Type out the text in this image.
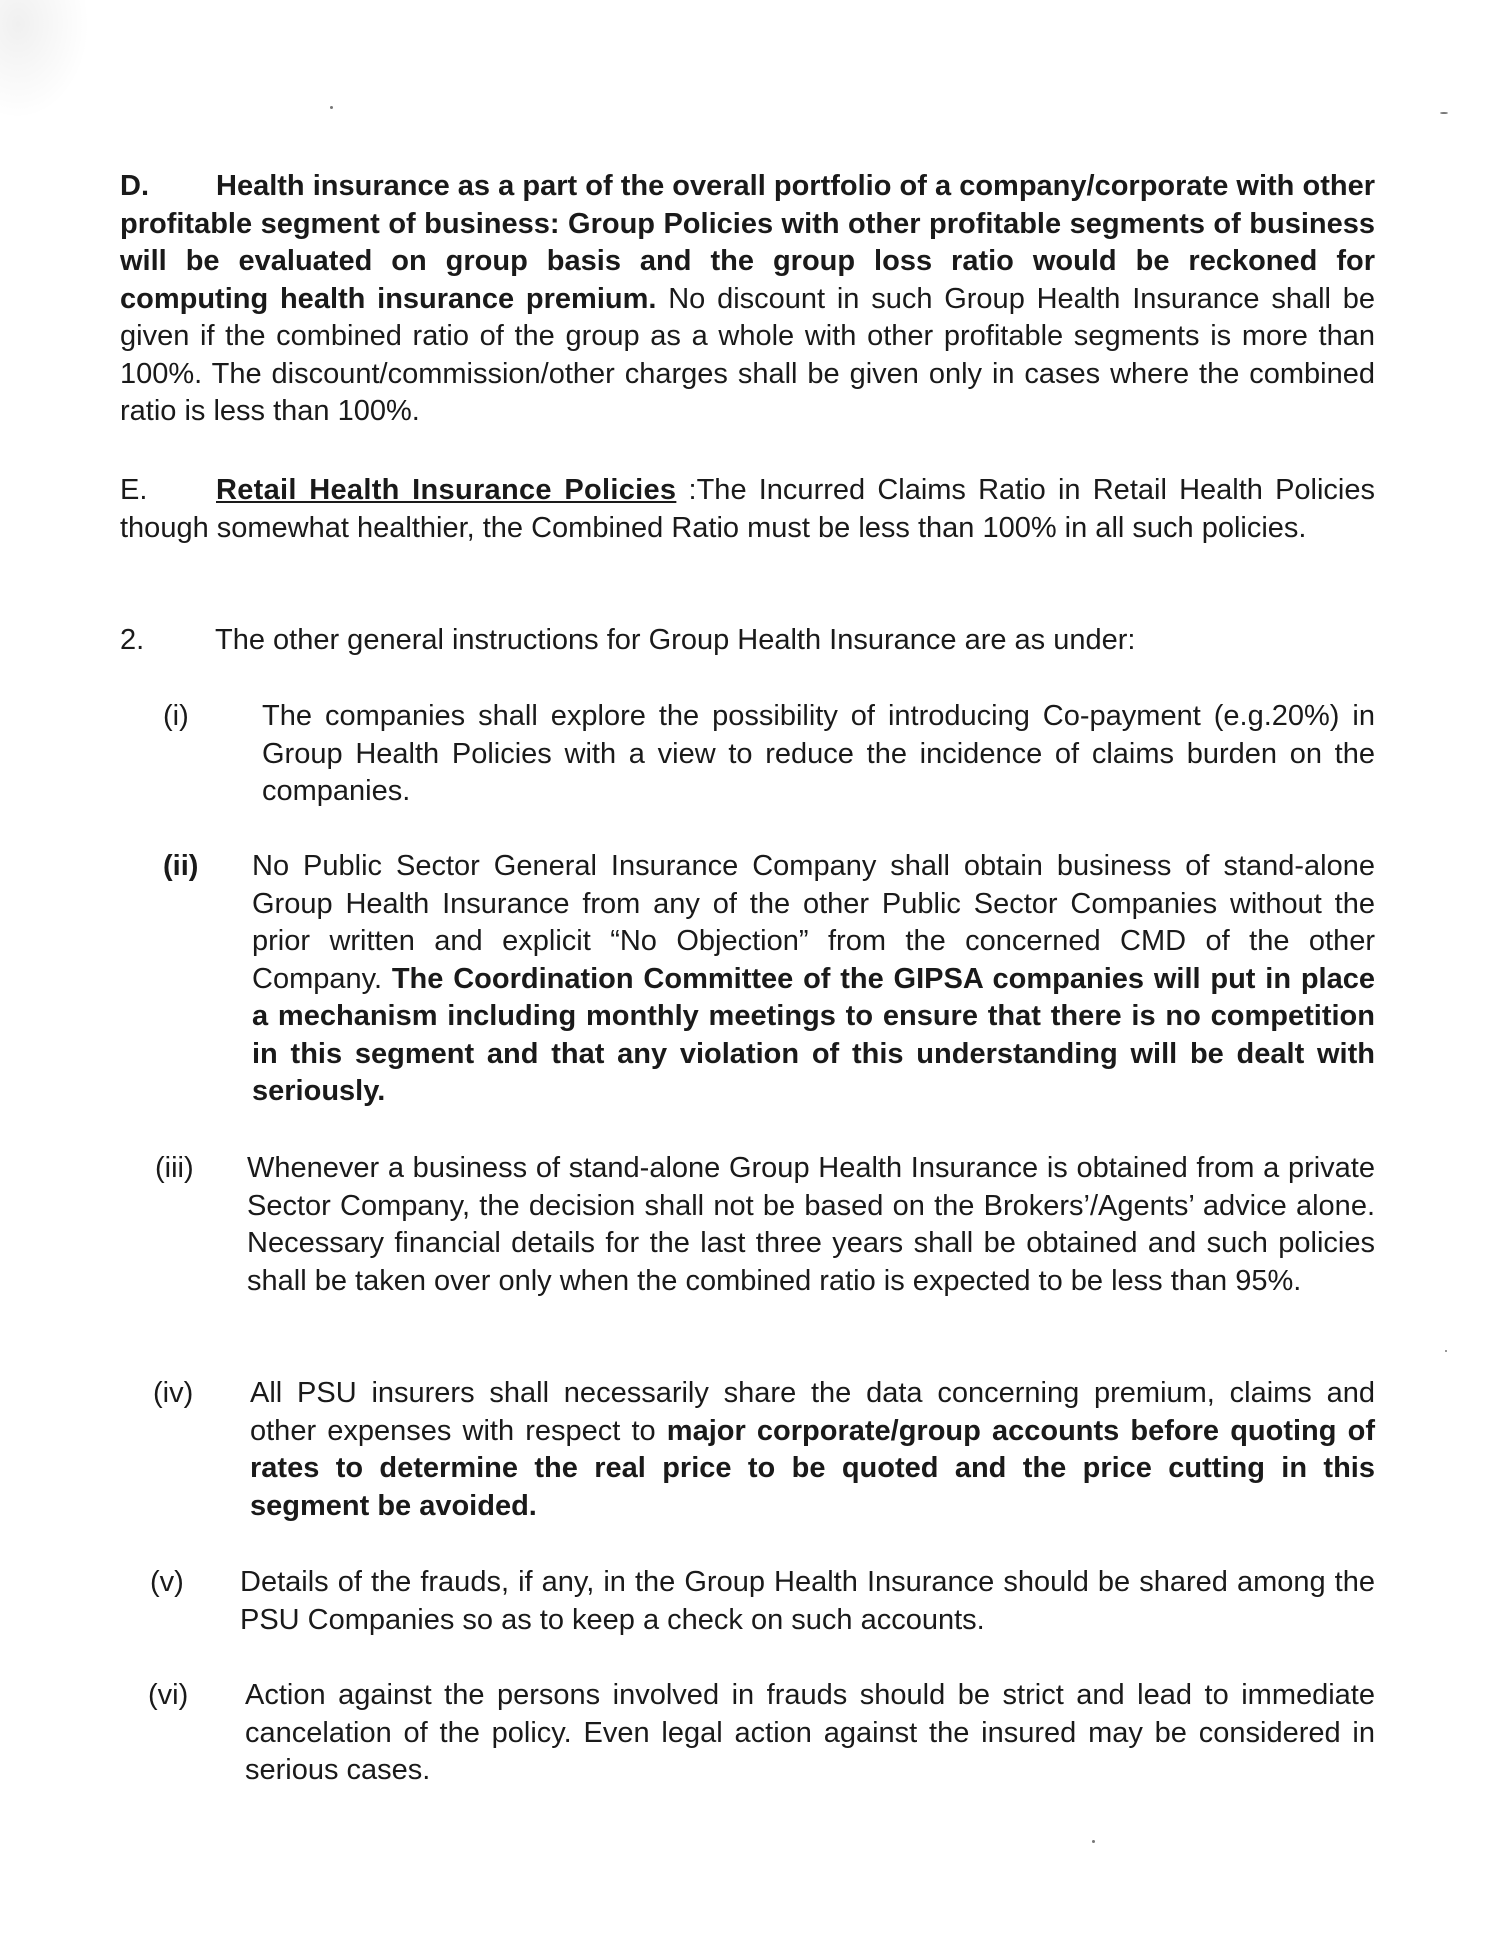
D.	Health insurance as a part of the overall portfolio of a company/corporate with other profitable segment of business: Group Policies with other profitable segments of business will be evaluated on group basis and the group loss ratio would be reckoned for computing health insurance premium. No discount in such Group Health Insurance shall be given if the combined ratio of the group as a whole with other profitable segments is more than 100%. The discount/commission/other charges shall be given only in cases where the combined ratio is less than 100%.
E.	Retail Health Insurance Policies :The Incurred Claims Ratio in Retail Health Policies though somewhat healthier, the Combined Ratio must be less than 100% in all such policies.
2. The other general instructions for Group Health Insurance are as under:
(i)	The companies shall explore the possibility of introducing Co-payment (e.g.20%) in Group Health Policies with a view to reduce the incidence of claims burden on the companies.
(ii) No Public Sector General Insurance Company shall obtain business of stand-alone Group Health Insurance from any of the other Public Sector Companies without the prior written and explicit “No Objection” from the concerned CMD of the other Company. The Coordination Committee of the GIPSA companies will put in place a mechanism including monthly meetings to ensure that there is no competition in this segment and that any violation of this understanding will be dealt with seriously.
(iii) Whenever a business of stand-alone Group Health Insurance is obtained from a private Sector Company, the decision shall not be based on the Brokers’/Agents’ advice alone. Necessary financial details for the last three years shall be obtained and such policies shall be taken over only when the combined ratio is expected to be less than 95%.
(iv) All PSU insurers shall necessarily share the data concerning premium, claims and other expenses with respect to major corporate/group accounts before quoting of rates to determine the real price to be quoted and the price cutting in this segment be avoided.
(v) Details of the frauds, if any, in the Group Health Insurance should be shared among the PSU Companies so as to keep a check on such accounts.
(vi) Action against the persons involved in frauds should be strict and lead to immediate cancelation of the policy. Even legal action against the insured may be considered in serious cases.
